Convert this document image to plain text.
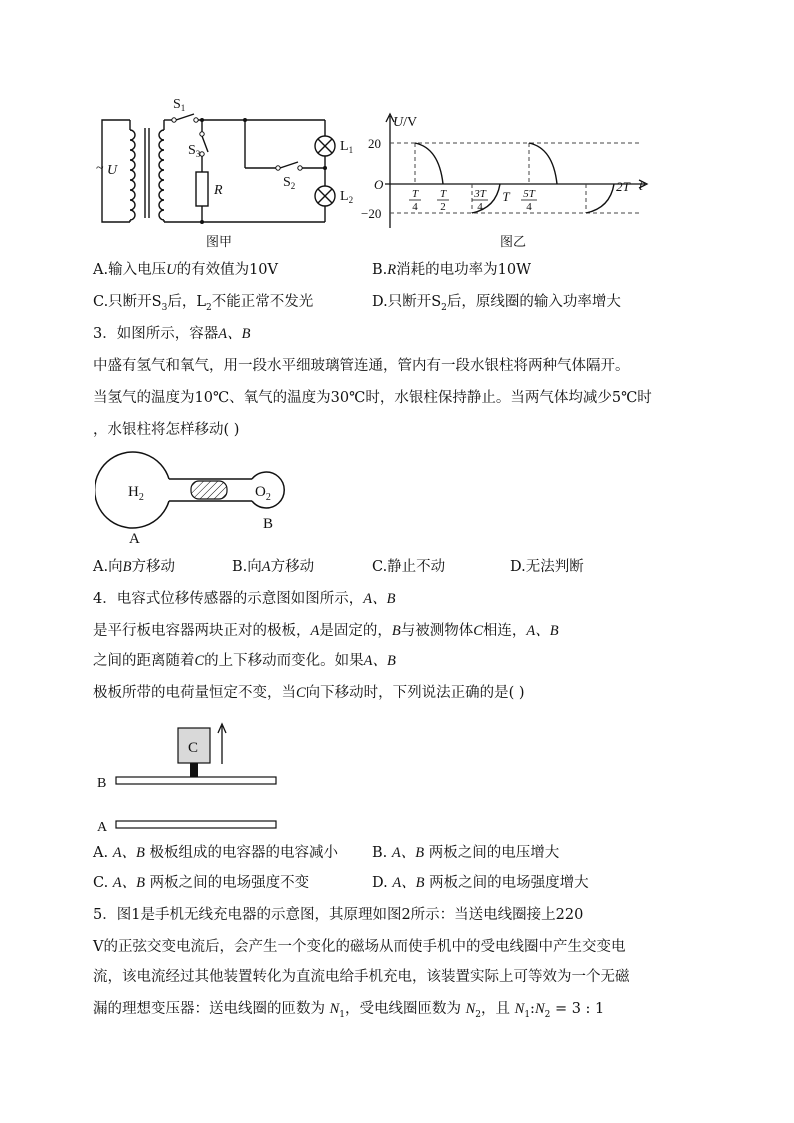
$S_1$
$S_3$
R
~ U
$S_2$
$L_1$
$L_2$
图甲
U/V
20
−20
O	t
T
4
T
2
3T
4
T 5T
4
2T
图乙
A.输入电压U的有效值为10V	B.R消耗的电功率为10W
C.只断开$S_3$后，$L_2$不能正常不发光	D.只断开$S_2$后，原线圈的输入功率增大
3．如图所示，容器A、B
中盛有氢气和氧气，用一段水平细玻璃管连通，管内有一段水银柱将两种气体隔开。
当氢气的温度为10℃、氧气的温度为30℃时，水银柱保持静止。当两气体均减少5℃时
，水银柱将怎样移动( )
$H_2$	$O_2$
A
B
A.向B方移动	B.向A方移动	C.静止不动	D.无法判断
4．电容式位移传感器的示意图如图所示，A、B
是平行板电容器两块正对的极板，A是固定的，B与被测物体C相连，A、B
之间的距离随着C的上下移动而变化。如果A、B
极板所带的电荷量恒定不变，当C向下移动时，下列说法正确的是( )
C
B
A
A. A、B 极板组成的电容器的电容减小 B. A、B 两板之间的电压增大
C. A、B 两板之间的电场强度不变	D. A、B 两板之间的电场强度增大
5．图1是手机无线充电器的示意图，其原理如图2所示：当送电线圈接上220
V的正弦交变电流后，会产生一个变化的磁场从而使手机中的受电线圈中产生交变电
流，该电流经过其他装置转化为直流电给手机充电，该装置实际上可等效为一个无磁
漏的理想变压器：送电线圈的匝数为 $N_1$，受电线圈匝数为 $N_2$，且 $N_1:N_2 = 3$ : 1
